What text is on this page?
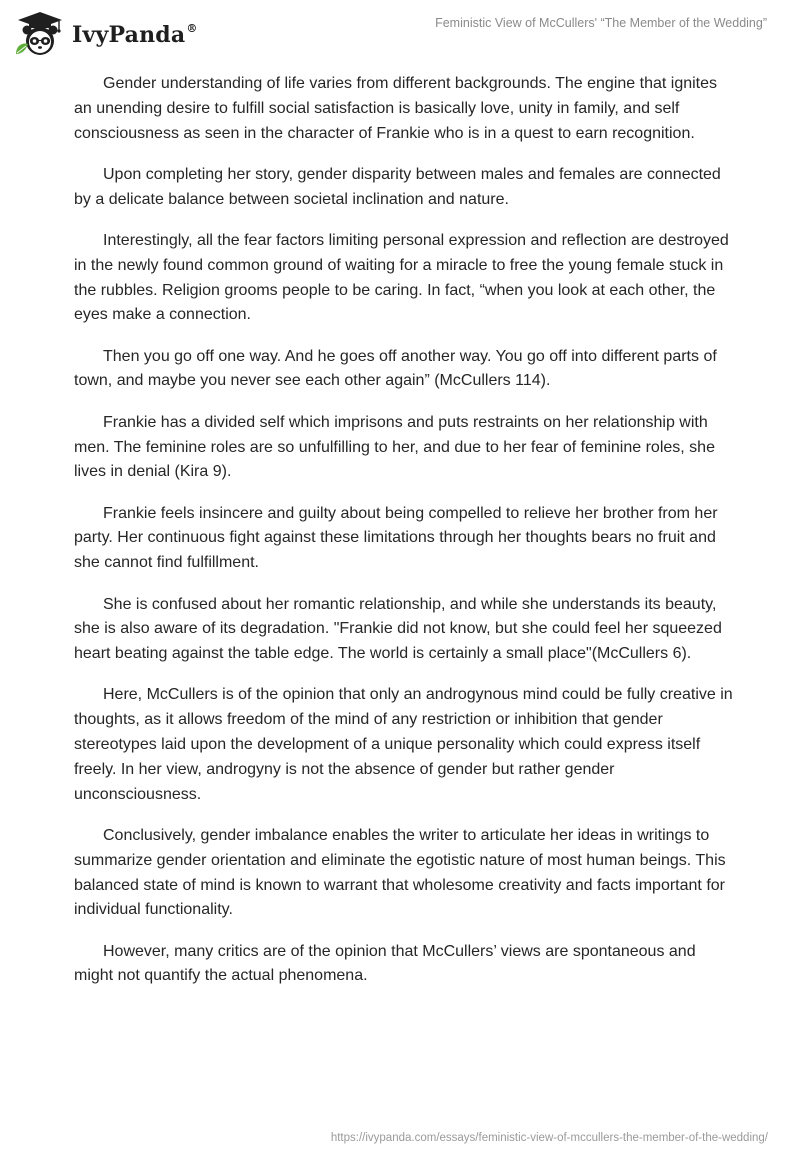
IvyPanda®	Feministic View of McCullers' “The Member of the Wedding”

Gender understanding of life varies from different backgrounds. The engine that ignites an unending desire to fulfill social satisfaction is basically love, unity in family, and self consciousness as seen in the character of Frankie who is in a quest to earn recognition.

Upon completing her story, gender disparity between males and females are connected by a delicate balance between societal inclination and nature.

Interestingly, all the fear factors limiting personal expression and reflection are destroyed in the newly found common ground of waiting for a miracle to free the young female stuck in the rubbles. Religion grooms people to be caring. In fact, “when you look at each other, the eyes make a connection.

Then you go off one way. And he goes off another way. You go off into different parts of town, and maybe you never see each other again” (McCullers 114).

Frankie has a divided self which imprisons and puts restraints on her relationship with men. The feminine roles are so unfulfilling to her, and due to her fear of feminine roles, she lives in denial (Kira 9).

Frankie feels insincere and guilty about being compelled to relieve her brother from her party. Her continuous fight against these limitations through her thoughts bears no fruit and she cannot find fulfillment.

She is confused about her romantic relationship, and while she understands its beauty, she is also aware of its degradation. "Frankie did not know, but she could feel her squeezed heart beating against the table edge. The world is certainly a small place"(McCullers 6).

Here, McCullers is of the opinion that only an androgynous mind could be fully creative in thoughts, as it allows freedom of the mind of any restriction or inhibition that gender stereotypes laid upon the development of a unique personality which could express itself freely. In her view, androgyny is not the absence of gender but rather gender unconsciousness.

Conclusively, gender imbalance enables the writer to articulate her ideas in writings to summarize gender orientation and eliminate the egotistic nature of most human beings. This balanced state of mind is known to warrant that wholesome creativity and facts important for individual functionality.

However, many critics are of the opinion that McCullers’ views are spontaneous and might not quantify the actual phenomena.

https://ivypanda.com/essays/feministic-view-of-mccullers-the-member-of-the-wedding/
